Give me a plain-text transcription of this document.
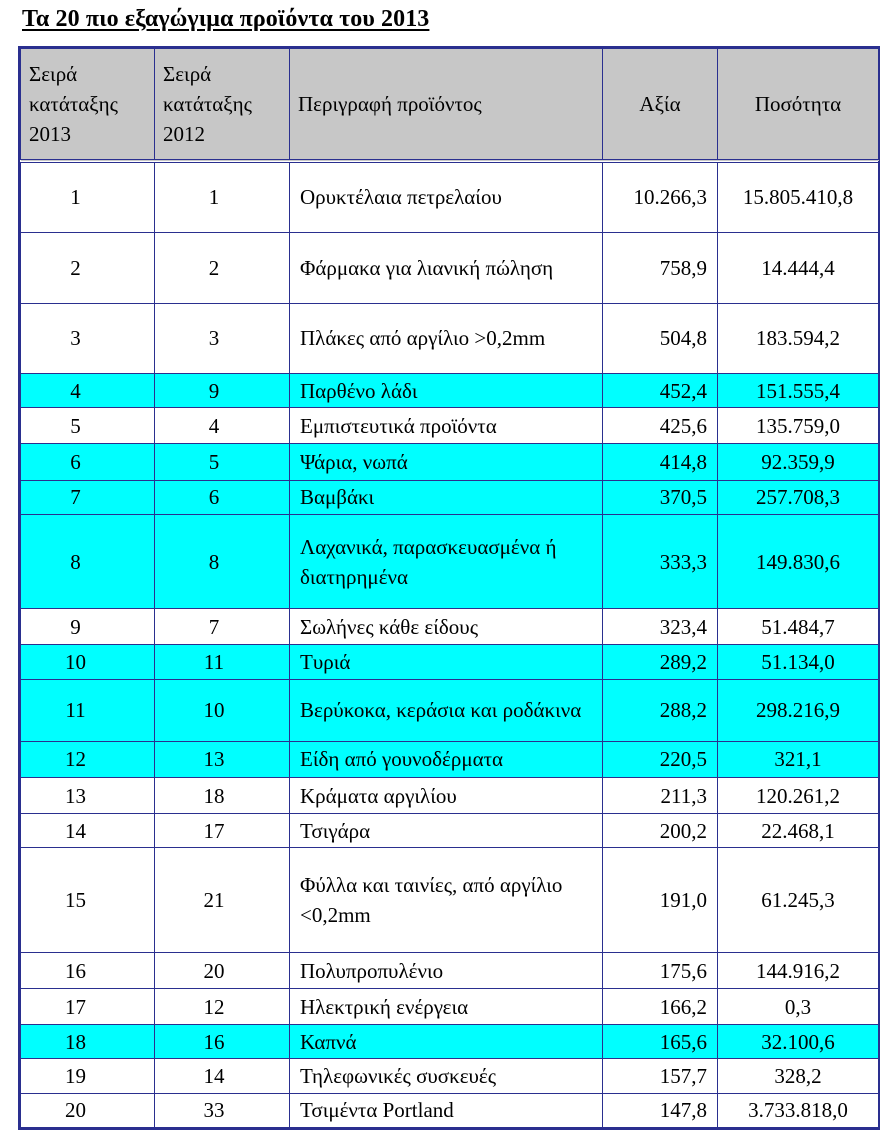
Τα 20 πιο εξαγώγιμα προϊόντα του 2013
Σειρά κατάταξης 2013	Σειρά κατάταξης 2012	Περιγραφή προϊόντος	Αξία	Ποσότητα
1	1	Ορυκτέλαια πετρελαίου	10.266,3	15.805.410,8
2	2	Φάρμακα για λιανική πώληση	758,9	14.444,4
3	3	Πλάκες από αργίλιο >0,2mm	504,8	183.594,2
4	9	Παρθένο λάδι	452,4	151.555,4
5	4	Εμπιστευτικά προϊόντα	425,6	135.759,0
6	5	Ψάρια, νωπά	414,8	92.359,9
7	6	Βαμβάκι	370,5	257.708,3
8	8	Λαχανικά, παρασκευασμένα ή διατηρημένα	333,3	149.830,6
9	7	Σωλήνες κάθε είδους	323,4	51.484,7
10	11	Τυριά	289,2	51.134,0
11	10	Βερύκοκα, κεράσια και ροδάκινα	288,2	298.216,9
12	13	Είδη από γουνοδέρματα	220,5	321,1
13	18	Κράματα αργιλίου	211,3	120.261,2
14	17	Τσιγάρα	200,2	22.468,1
15	21	Φύλλα και ταινίες, από αργίλιο <0,2mm	191,0	61.245,3
16	20	Πολυπροπυλένιο	175,6	144.916,2
17	12	Ηλεκτρική ενέργεια	166,2	0,3
18	16	Καπνά	165,6	32.100,6
19	14	Τηλεφωνικές συσκευές	157,7	328,2
20	33	Τσιμέντα Portland	147,8	3.733.818,0
